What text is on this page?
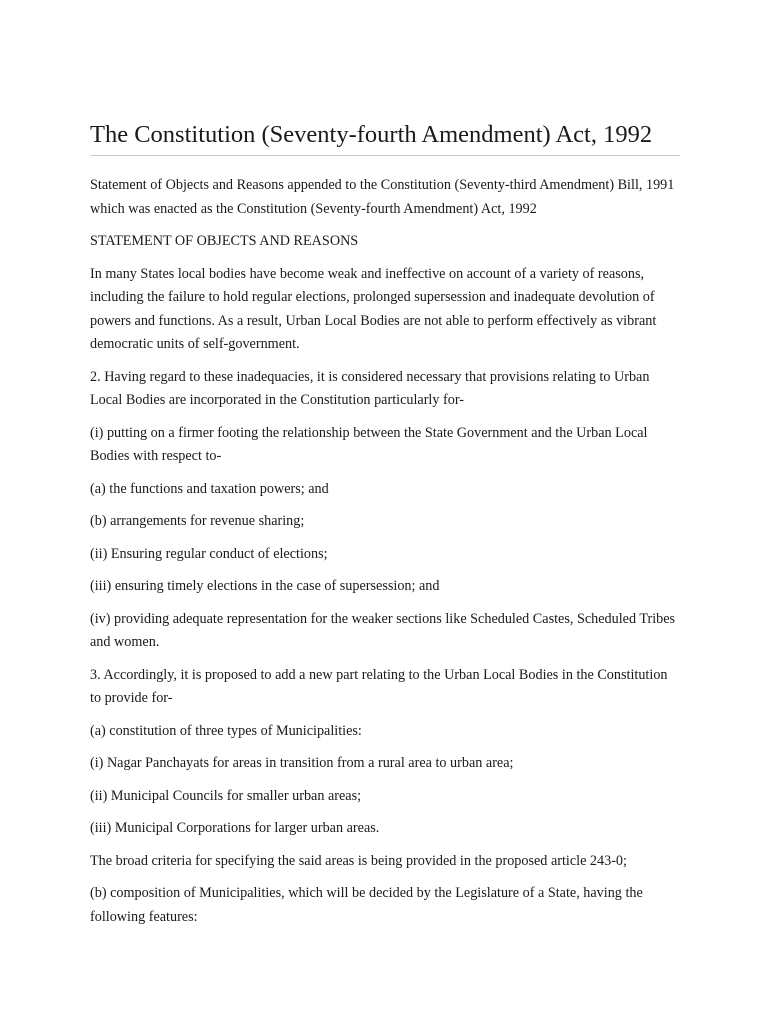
The Constitution (Seventy-fourth Amendment) Act, 1992

Statement of Objects and Reasons appended to the Constitution (Seventy-third Amendment) Bill, 1991 which was enacted as the Constitution (Seventy-fourth Amendment) Act, 1992

STATEMENT OF OBJECTS AND REASONS

In many States local bodies have become weak and ineffective on account of a variety of reasons, including the failure to hold regular elections, prolonged supersession and inadequate devolution of powers and functions. As a result, Urban Local Bodies are not able to perform effectively as vibrant democratic units of self-government.

2. Having regard to these inadequacies, it is considered necessary that provisions relating to Urban Local Bodies are incorporated in the Constitution particularly for-

(i) putting on a firmer footing the relationship between the State Government and the Urban Local Bodies with respect to-

(a) the functions and taxation powers; and

(b) arrangements for revenue sharing;

(ii) Ensuring regular conduct of elections;

(iii) ensuring timely elections in the case of supersession; and

(iv) providing adequate representation for the weaker sections like Scheduled Castes, Scheduled Tribes and women.

3. Accordingly, it is proposed to add a new part relating to the Urban Local Bodies in the Constitution to provide for-

(a) constitution of three types of Municipalities:

(i) Nagar Panchayats for areas in transition from a rural area to urban area;

(ii) Municipal Councils for smaller urban areas;

(iii) Municipal Corporations for larger urban areas.

The broad criteria for specifying the said areas is being provided in the proposed article 243-0;

(b) composition of Municipalities, which will be decided by the Legislature of a State, having the following features:
